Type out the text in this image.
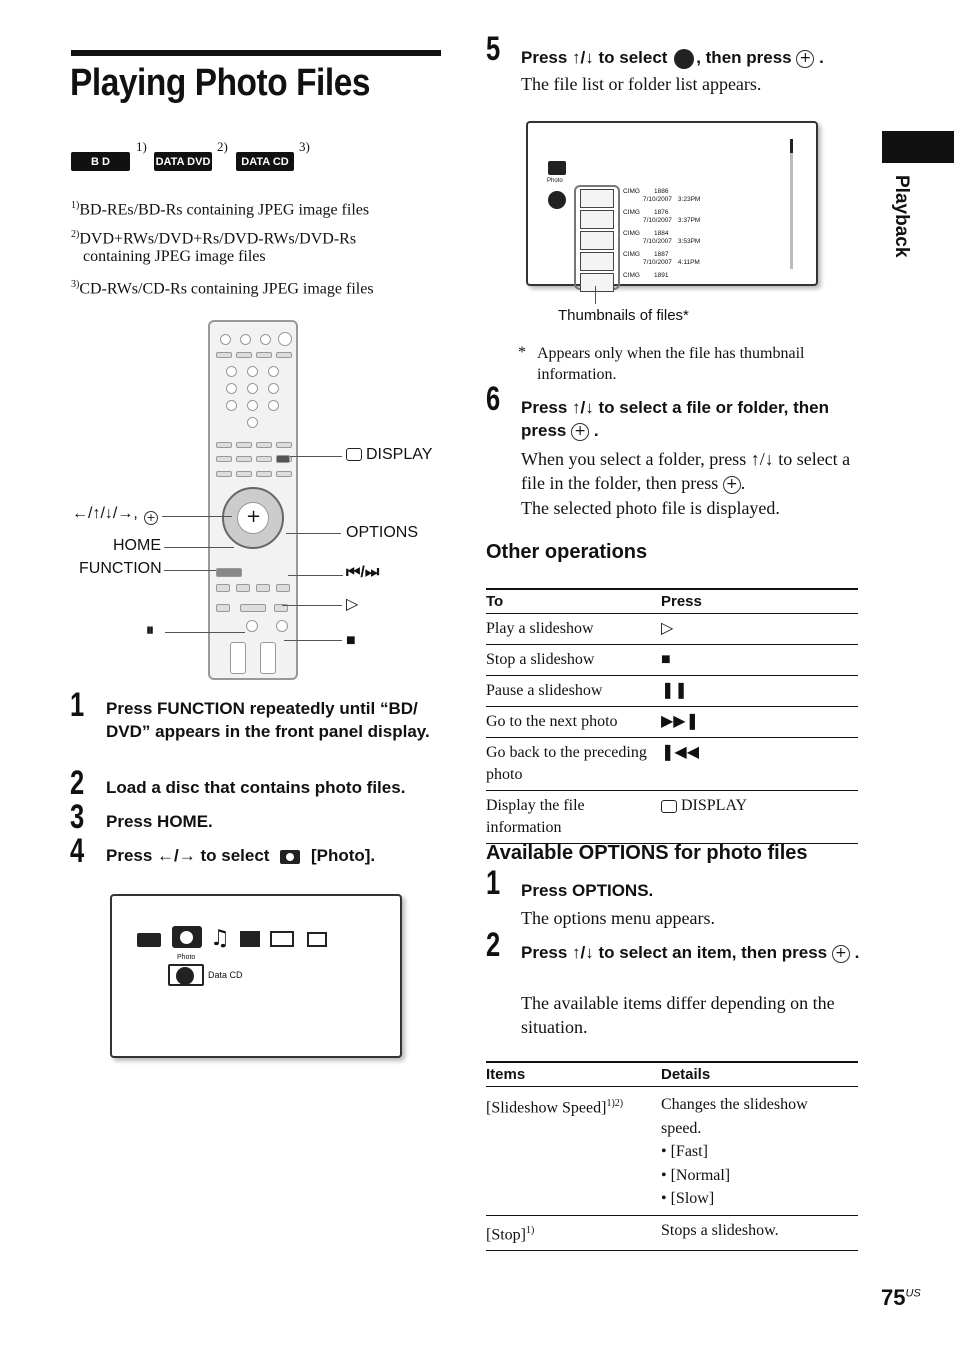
Playing Photo Files
B D
1)
DATA DVD
2)
DATA CD
3)
$^{1)}$BD-REs/BD-Rs containing JPEG image files
$^{2)}$DVD+RWs/DVD+Rs/DVD-RWs/DVD-Rs
containing JPEG image files
$^{3)}$CD-RWs/CD-Rs containing JPEG image files
+
DISPLAY
←/↑/↓/→, +
OPTIONS
HOME
FUNCTION	⏮/⏭
▷
⏸
■
1 Press FUNCTION repeatedly until “BD/ DVD” appears in the front panel display.
2 Load a disc that contains photo files.
3 Press HOME.
4 Press ←/→ to select [Photo].
♫
Photo
Data CD
5 Press ↑/↓ to select , then press + .
The file list or folder list appears.
Photo
CIMG 1886
7/10/2007 3:23PM
CIMG 1876
7/10/2007 3:37PM
CIMG 1884
7/10/2007 3:53PM
CIMG 1887
7/10/2007 4:11PM
CIMG 1891
Thumbnails of files*
* Appears only when the file has thumbnail information.
6 Press ↑/↓ to select a file or folder, then press + .
When you select a folder, press ↑/↓ to select a file in the folder, then press + .
The selected photo file is displayed.
Other operations
To	Press
Play a slideshow	▷
Stop a slideshow	■
Pause a slideshow	❚❚
Go to the next photo	▶▶❚
Go back to the preceding photo	❚◀◀
Display the file information	DISPLAY
Available OPTIONS for photo files
1 Press OPTIONS.
The options menu appears.
2 Press ↑/↓ to select an item, then press + .
The available items differ depending on the situation.
Items	Details
[Slideshow Speed]$^{1)2)}$	Changes the slideshow speed.
• [Fast]
• [Normal]
• [Slow]

[Stop]$^{1)}$	Stops a slideshow.
Playback
$75^{US}$
